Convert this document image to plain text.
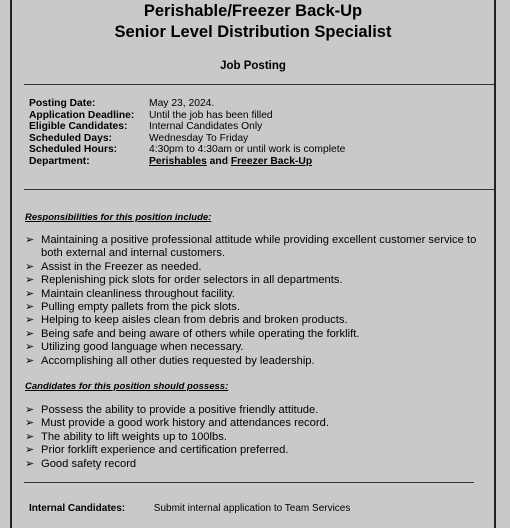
Perishable/Freezer Back-Up
Senior Level Distribution Specialist
Job Posting
Posting Date:	May 23, 2024.
Application Deadline:	Until the job has been filled
Eligible Candidates:	Internal Candidates Only
Scheduled Days:	Wednesday To Friday
Scheduled Hours:	4:30pm to 4:30am or until work is complete
Department:	Perishables and Freezer Back-Up
Responsibilities for this position include:
➢ Maintaining a positive professional attitude while providing excellent customer service to both external and internal customers.
➢ Assist in the Freezer as needed.
➢ Replenishing pick slots for order selectors in all departments.
➢ Maintain cleanliness throughout facility.
➢ Pulling empty pallets from the pick slots.
➢ Helping to keep aisles clean from debris and broken products.
➢ Being safe and being aware of others while operating the forklift.
➢ Utilizing good language when necessary.
➢ Accomplishing all other duties requested by leadership.
Candidates for this position should possess:
➢ Possess the ability to provide a positive friendly attitude.
➢ Must provide a good work history and attendances record.
➢ The ability to lift weights up to 100lbs.
➢ Prior forklift experience and certification preferred.
➢ Good safety record
Internal Candidates:	Submit internal application to Team Services
